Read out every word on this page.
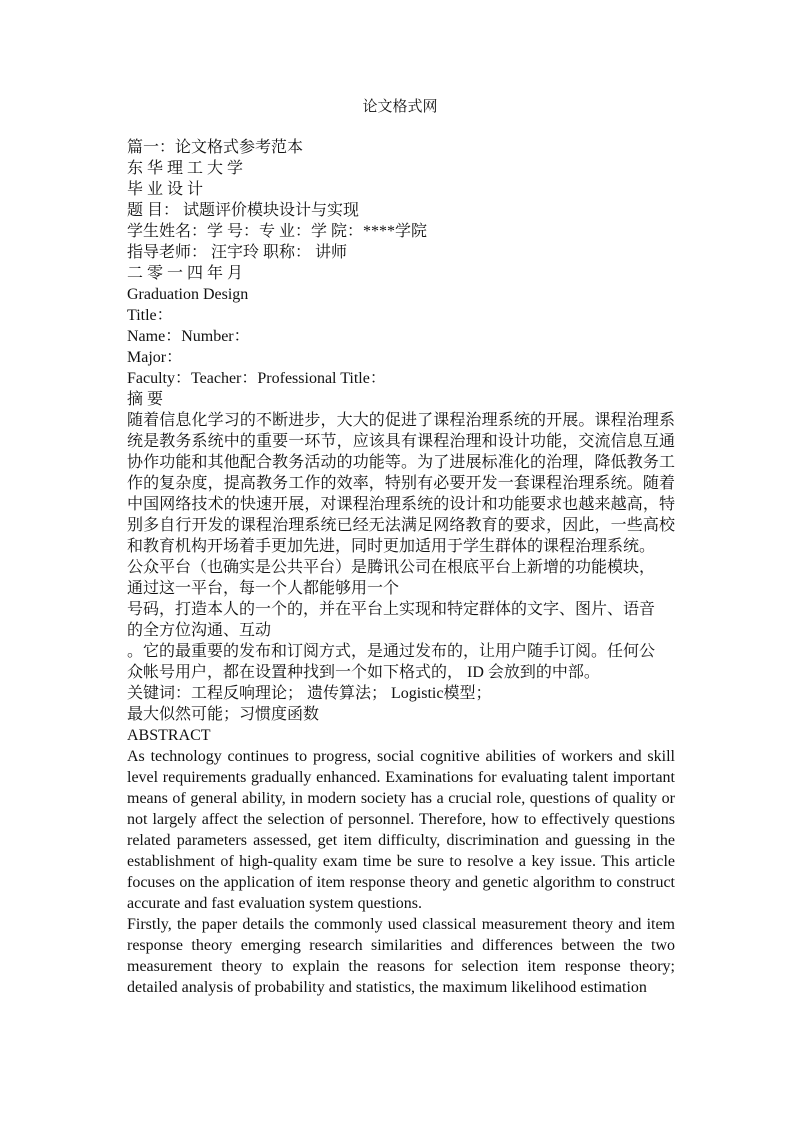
论文格式网
篇一：论文格式参考范本
东 华 理 工 大 学
毕 业 设 计
题 目： 试题评价模块设计与实现
学生姓名：学 号：专 业：学 院：****学院
指导老师： 汪宇玲 职称： 讲师
二 零 一 四 年 月
Graduation Design
Title：
Name：Number：
Major：
Faculty：Teacher：Professional Title：
摘 要

随着信息化学习的不断进步，大大的促进了课程治理系统的开展。课程治理系统是教务系统中的重要一环节，应该具有课程治理和设计功能，交流信息互通协作功能和其他配合教务活动的功能等。为了进展标准化的治理，降低教务工作的复杂度，提高教务工作的效率，特别有必要开发一套课程治理系统。随着中国网络技术的快速开展，对课程治理系统的设计和功能要求也越来越高，特别多自行开发的课程治理系统已经无法满足网络教育的要求，因此，一些高校和教育机构开场着手更加先进，同时更加适用于学生群体的课程治理系统。

公众平台（也确实是公共平台）是腾讯公司在根底平台上新增的功能模块，
通过这一平台，每一个人都能够用一个
号码，打造本人的一个的，并在平台上实现和特定群体的文字、图片、语音
的全方位沟通、互动
。它的最重要的发布和订阅方式，是通过发布的，让用户随手订阅。任何公
众帐号用户，都在设置种找到一个如下格式的， ID 会放到的中部。
关键词：工程反响理论； 遗传算法； Logistic模型；
最大似然可能；习惯度函数
ABSTRACT

As technology continues to progress, social cognitive abilities of workers and skill level requirements gradually enhanced. Examinations for evaluating talent important means of general ability, in modern society has a crucial role, questions of quality or not largely affect the selection of personnel. Therefore, how to effectively questions related parameters assessed, get item difficulty, discrimination and guessing in the establishment of high-quality exam time be sure to resolve a key issue. This article focuses on the application of item response theory and genetic algorithm to construct accurate and fast evaluation system questions.

Firstly, the paper details the commonly used classical measurement theory and item response theory emerging research similarities and differences between the two measurement theory to explain the reasons for selection item response theory; detailed analysis of probability and statistics, the maximum likelihood estimation
